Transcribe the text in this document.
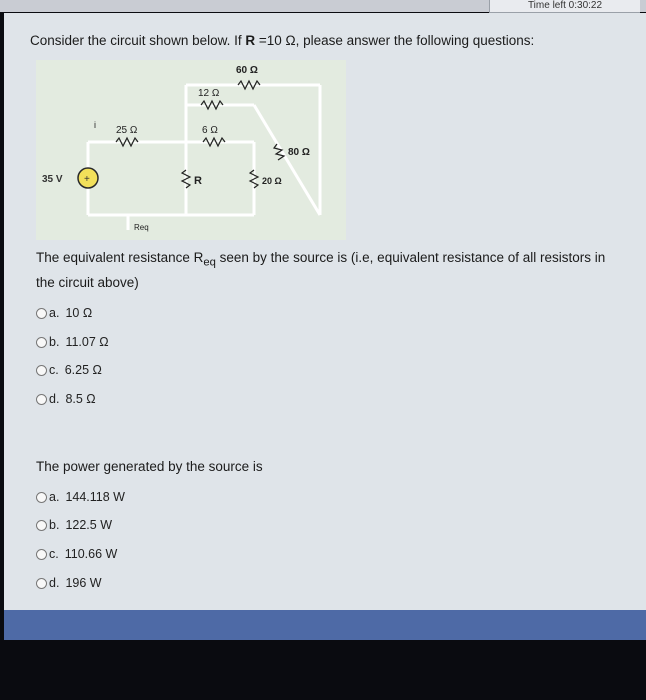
Time left 0:30:22
Consider the circuit shown below. If R =10 Ω, please answer the following questions:
+
35 V
25 Ω
i
12 Ω
60 Ω
6 Ω
80 Ω
R	20 Ω
Req
The equivalent resistance $R_{eq}$ seen by the source is (i.e, equivalent resistance of all resistors in the circuit above)
a. 10 Ω
b. 11.07 Ω
c. 6.25 Ω
d. 8.5 Ω
The power generated by the source is
a. 144.118 W
b. 122.5 W
c. 110.66 W
d. 196 W
